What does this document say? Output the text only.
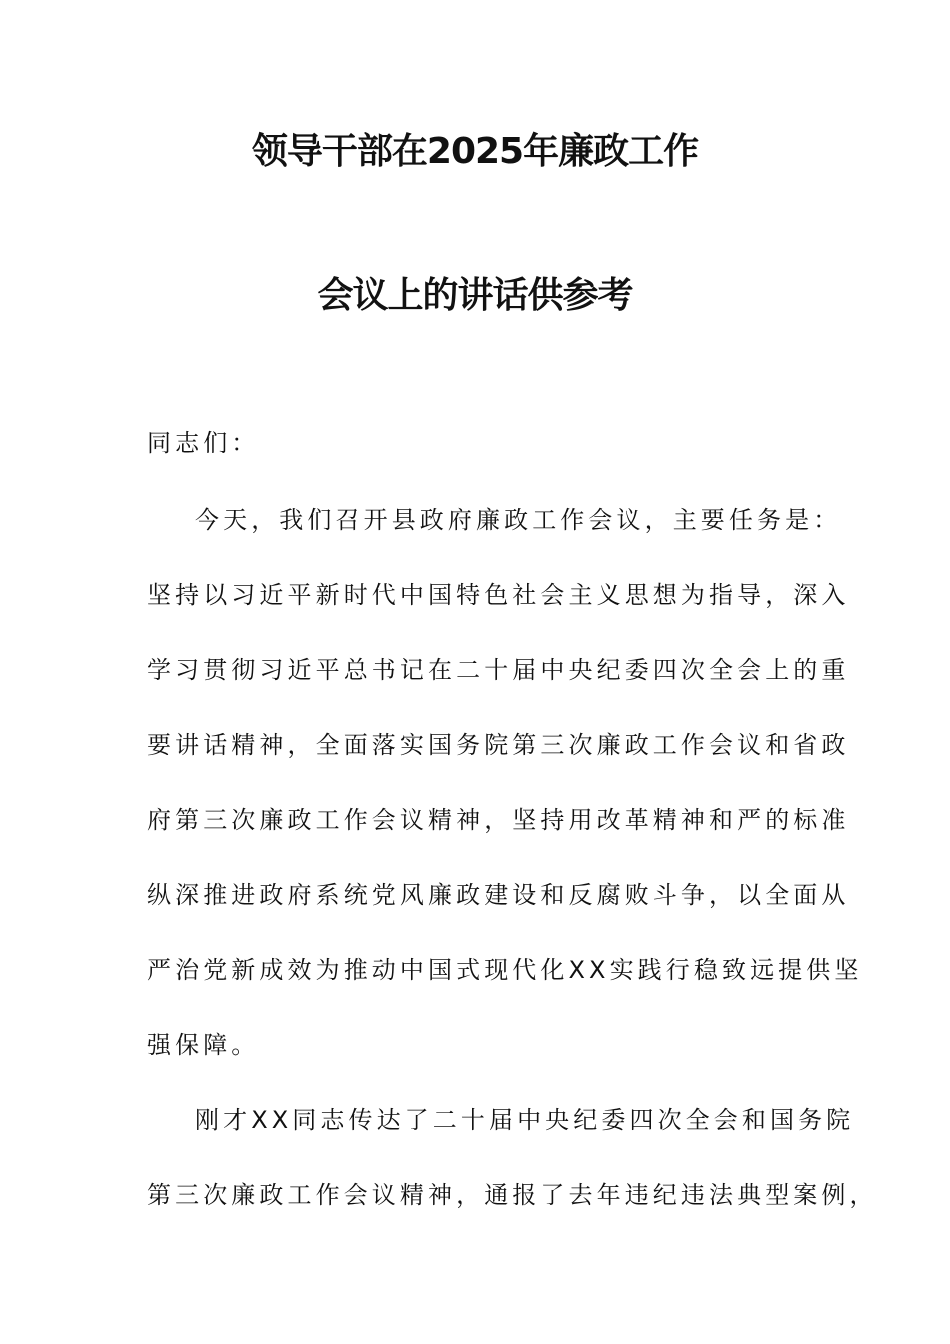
领导干部在2025年廉政工作
会议上的讲话供参考
同志们：
今天，我们召开县政府廉政工作会议，主要任务是：
坚持以习近平新时代中国特色社会主义思想为指导，深入
学习贯彻习近平总书记在二十届中央纪委四次全会上的重
要讲话精神，全面落实国务院第三次廉政工作会议和省政
府第三次廉政工作会议精神，坚持用改革精神和严的标准
纵深推进政府系统党风廉政建设和反腐败斗争，以全面从
严治党新成效为推动中国式现代化XX实践行稳致远提供坚
强保障。
刚才XX同志传达了二十届中央纪委四次全会和国务院
第三次廉政工作会议精神，通报了去年违纪违法典型案例，
